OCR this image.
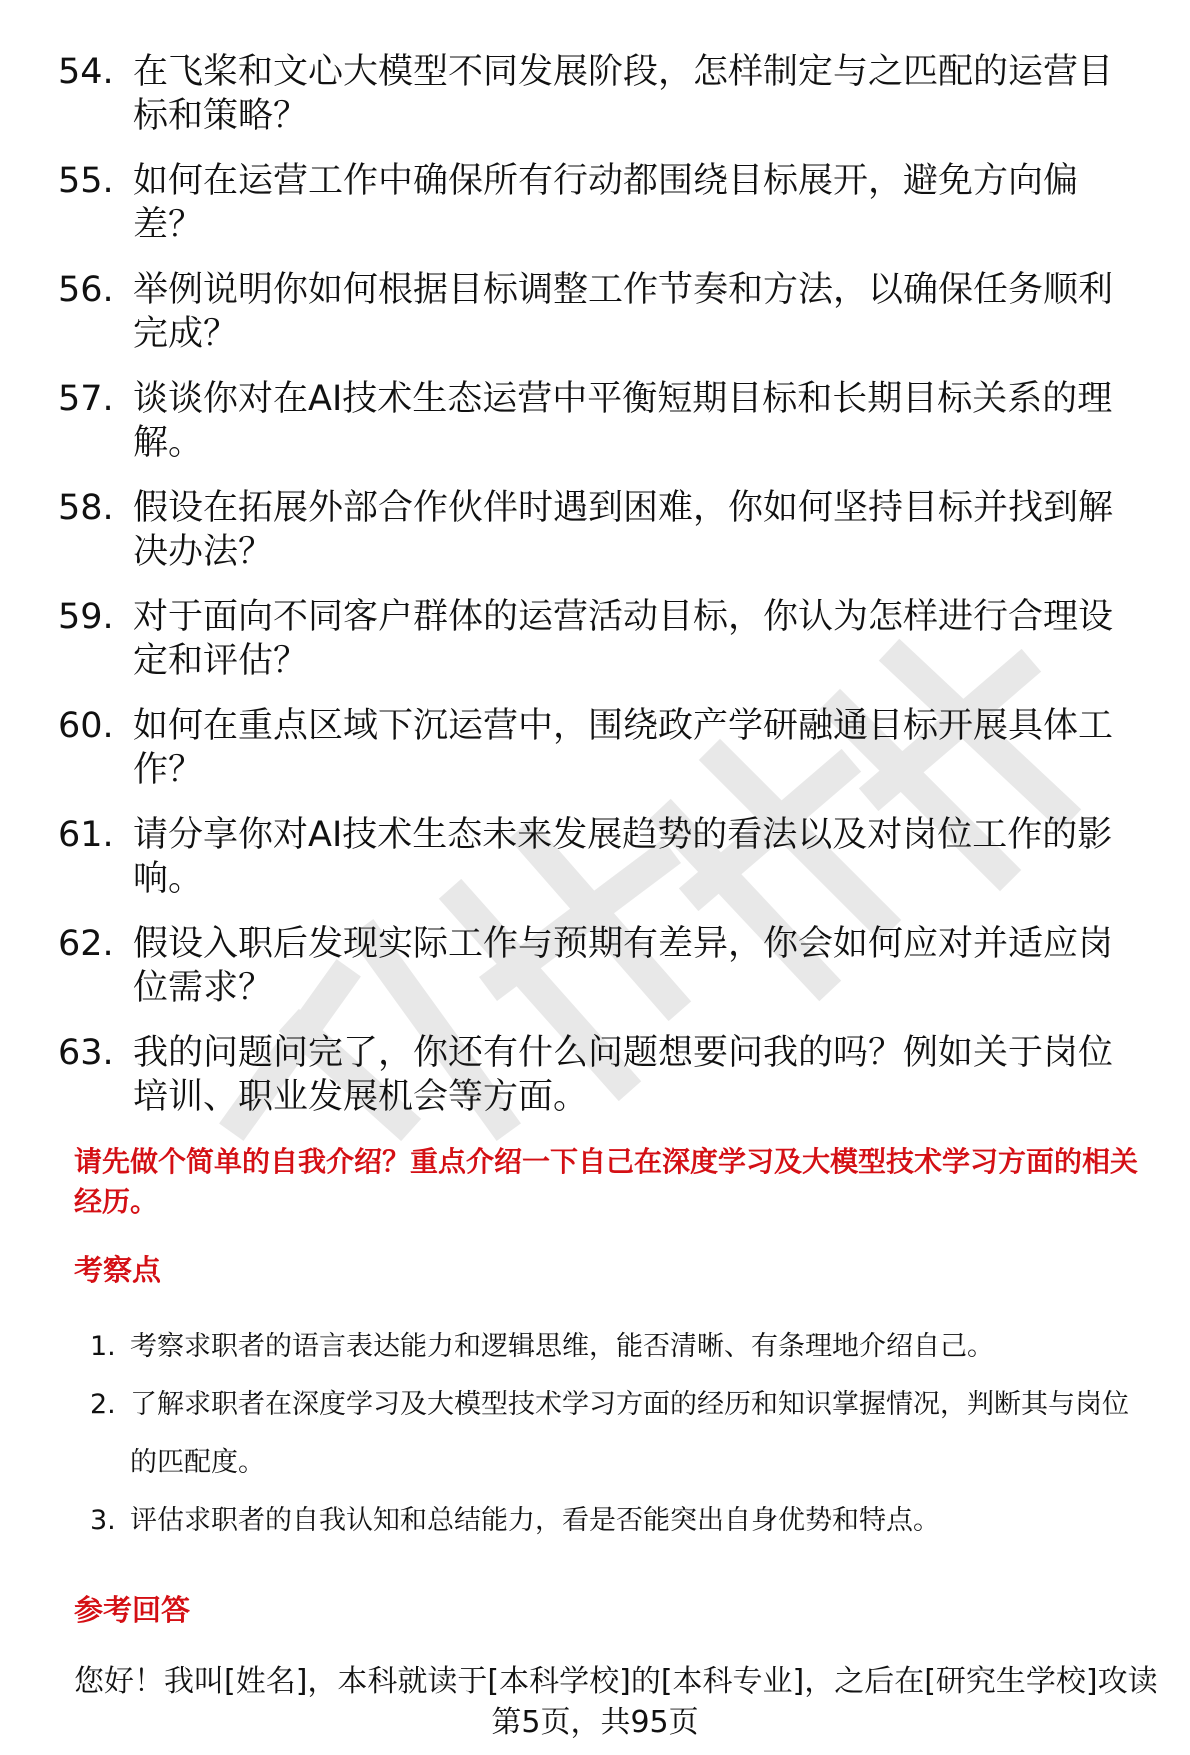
54. 在飞桨和文心大模型不同发展阶段，怎样制定与之匹配的运营目标和策略？
55. 如何在运营工作中确保所有行动都围绕目标展开，避免方向偏差？
56. 举例说明你如何根据目标调整工作节奏和方法，以确保任务顺利完成？
57. 谈谈你对在AI技术生态运营中平衡短期目标和长期目标关系的理解。
58. 假设在拓展外部合作伙伴时遇到困难，你如何坚持目标并找到解决办法？
59. 对于面向不同客户群体的运营活动目标，你认为怎样进行合理设定和评估？
60. 如何在重点区域下沉运营中，围绕政产学研融通目标开展具体工作？
61. 请分享你对AI技术生态未来发展趋势的看法以及对岗位工作的影响。
62. 假设入职后发现实际工作与预期有差异，你会如何应对并适应岗位需求？
63. 我的问题问完了，你还有什么问题想要问我的吗？例如关于岗位培训、职业发展机会等方面。
请先做个简单的自我介绍？重点介绍一下自己在深度学习及大模型技术学习方面的相关经历。
考察点
1. 考察求职者的语言表达能力和逻辑思维，能否清晰、有条理地介绍自己。
2. 了解求职者在深度学习及大模型技术学习方面的经历和知识掌握情况，判断其与岗位的匹配度。
3. 评估求职者的自我认知和总结能力，看是否能突出自身优势和特点。
参考回答
您好！我叫[姓名]，本科就读于[本科学校]的[本科专业]，之后在[研究生学校]攻读
第5页，共95页
